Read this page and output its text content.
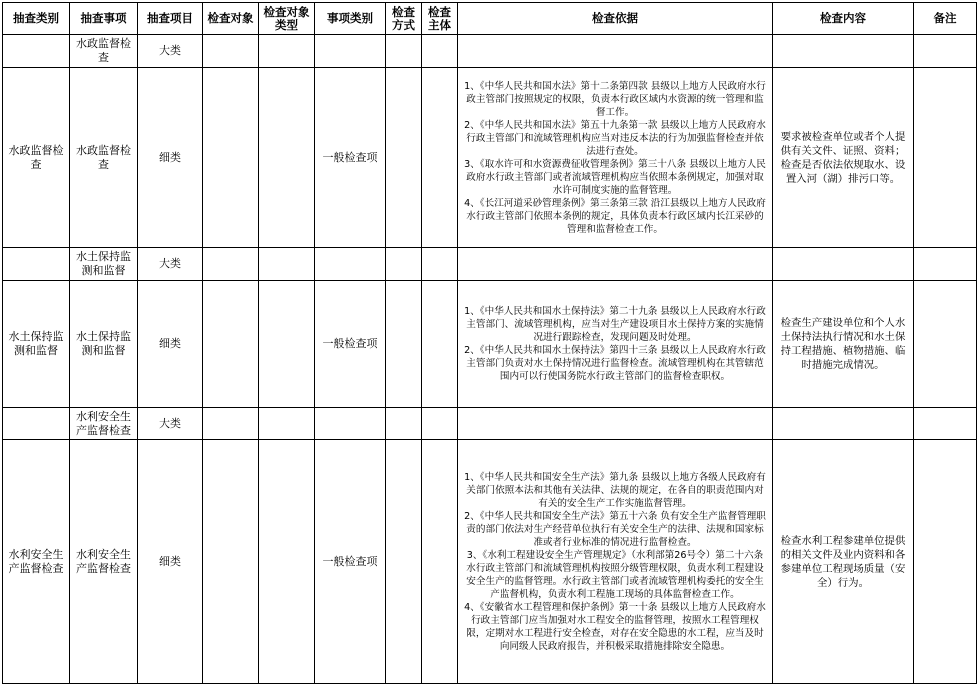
抽查类别	抽查事项	抽查项目	检查对象	检查对象类型	事项类别	检查方式	检查主体	检查依据	检查内容	备注
	水政监督检查	大类								
水政监督检查	水政监督检查	细类			一般检查项			1、《中华人民共和国水法》第十二条第四款 县级以上地方人民政府水行政主管部门按照规定的权限，负责本行政区域内水资源的统一管理和监督工作。
2、《中华人民共和国水法》第五十九条第一款 县级以上地方人民政府水行政主管部门和流域管理机构应当对违反本法的行为加强监督检查并依法进行查处。
3、《取水许可和水资源费征收管理条例》第三十八条 县级以上地方人民政府水行政主管部门或者流域管理机构应当依照本条例规定，加强对取水许可制度实施的监督管理。
4、《长江河道采砂管理条例》第三条第三款 沿江县级以上地方人民政府水行政主管部门依照本条例的规定，具体负责本行政区域内长江采砂的管理和监督检查工作。	要求被检查单位或者个人提供有关文件、证照、资料；检查是否依法依规取水、设置入河（湖）排污口等。	
	水土保持监测和监督	大类								
水土保持监测和监督	水土保持监测和监督	细类			一般检查项			1、《中华人民共和国水土保持法》第二十九条 县级以上人民政府水行政主管部门、流域管理机构，应当对生产建设项目水土保持方案的实施情况进行跟踪检查，发现问题及时处理。
2、《中华人民共和国水土保持法》第四十三条 县级以上人民政府水行政主管部门负责对水土保持情况进行监督检查。流域管理机构在其管辖范围内可以行使国务院水行政主管部门的监督检查职权。	检查生产建设单位和个人水土保持法执行情况和水土保持工程措施、植物措施、临时措施完成情况。	
	水利安全生产监督检查	大类								
水利安全生产监督检查	水利安全生产监督检查	细类			一般检查项			1、《中华人民共和国安全生产法》第九条 县级以上地方各级人民政府有关部门依照本法和其他有关法律、法规的规定，在各自的职责范围内对有关的安全生产工作实施监督管理。
2、《中华人民共和国安全生产法》第五十六条 负有安全生产监督管理职责的部门依法对生产经营单位执行有关安全生产的法律、法规和国家标准或者行业标准的情况进行监督检查。
3、《水利工程建设安全生产管理规定》（水利部第26号令）第二十六条 水行政主管部门和流域管理机构按照分级管理权限，负责水利工程建设安全生产的监督管理。水行政主管部门或者流域管理机构委托的安全生产监督机构，负责水利工程施工现场的具体监督检查工作。
4、《安徽省水工程管理和保护条例》第一十条 县级以上地方人民政府水行政主管部门应当加强对水工程安全的监督管理，按照水工程管理权限，定期对水工程进行安全检查，对存在安全隐患的水工程，应当及时向同级人民政府报告，并积极采取措施排除安全隐患。	检查水利工程参建单位提供的相关文件及业内资料和各参建单位工程现场质量（安全）行为。	
